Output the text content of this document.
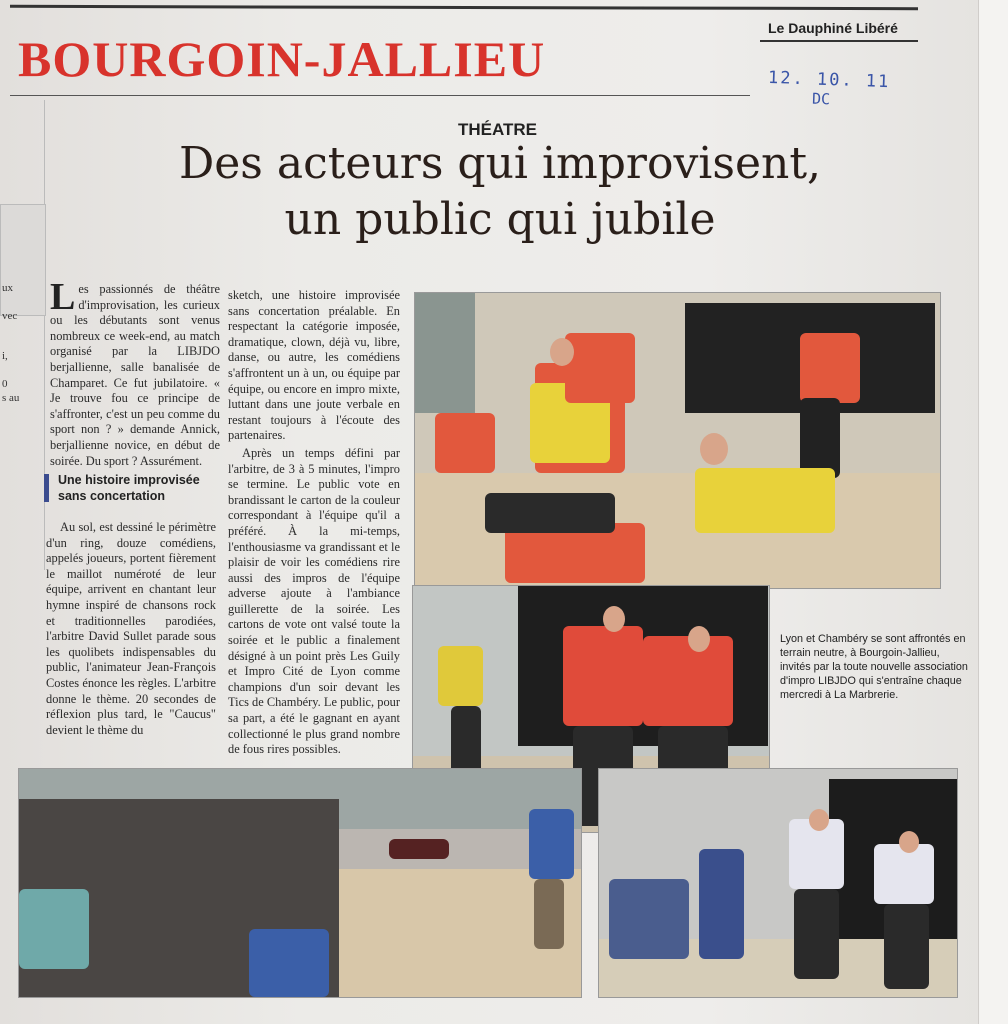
Le Dauphiné Libéré
BOURGOIN-JALLIEU	12. 10. 11
DC
ux
vec
i,
0
s au
THÉATRE
Des acteurs qui improvisent,
un public qui jubile
Les passionnés de théâtre d'improvisation, les curieux ou les débutants sont venus nombreux ce week-end, au match organisé par la LIBJDO berjallienne, salle banalisée de Champaret. Ce fut jubilatoire. « Je trouve fou ce principe de s'affronter, c'est un peu comme du sport non ? » demande Annick, berjallienne novice, en début de soirée. Du sport ? Assurément.
Une histoire improvisée sans concertation
Au sol, est dessiné le périmètre d'un ring, douze comédiens, appelés joueurs, portent fièrement le maillot numéroté de leur équipe, arrivent en chantant leur hymne inspiré de chansons rock et traditionnelles parodiées, l'arbitre David Sullet parade sous les quolibets indispensables du public, l'animateur Jean-François Costes énonce les règles. L'arbitre donne le thème. 20 secondes de réflexion plus tard, le "Caucus" devient le thème du
sketch, une histoire improvisée sans concertation préalable. En respectant la catégorie imposée, dramatique, clown, déjà vu, libre, danse, ou autre, les comédiens s'affrontent un à un, ou équipe par équipe, ou encore en impro mixte, luttant dans une joute verbale en restant toujours à l'écoute des partenaires.
Après un temps défini par l'arbitre, de 3 à 5 minutes, l'impro se termine. Le public vote en brandissant le carton de la couleur correspondant à l'équipe qu'il a préféré. À la mi-temps, l'enthousiasme va grandissant et le plaisir de voir les comédiens rire aussi des impros de l'équipe adverse ajoute à l'ambiance guillerette de la soirée. Les cartons de vote ont valsé toute la soirée et le public a finalement désigné à un point près Les Guily et Impro Cité de Lyon comme champions d'un soir devant les Tics de Chambéry. Le public, pour sa part, a été le gagnant en ayant collectionné le plus grand nombre de fous rires possibles.
Lyon et Chambéry se sont affrontés en terrain neutre, à Bourgoin-Jallieu, invités par la toute nouvelle association d'impro LIBJDO qui s'entraîne chaque mercredi à La Marbrerie.
